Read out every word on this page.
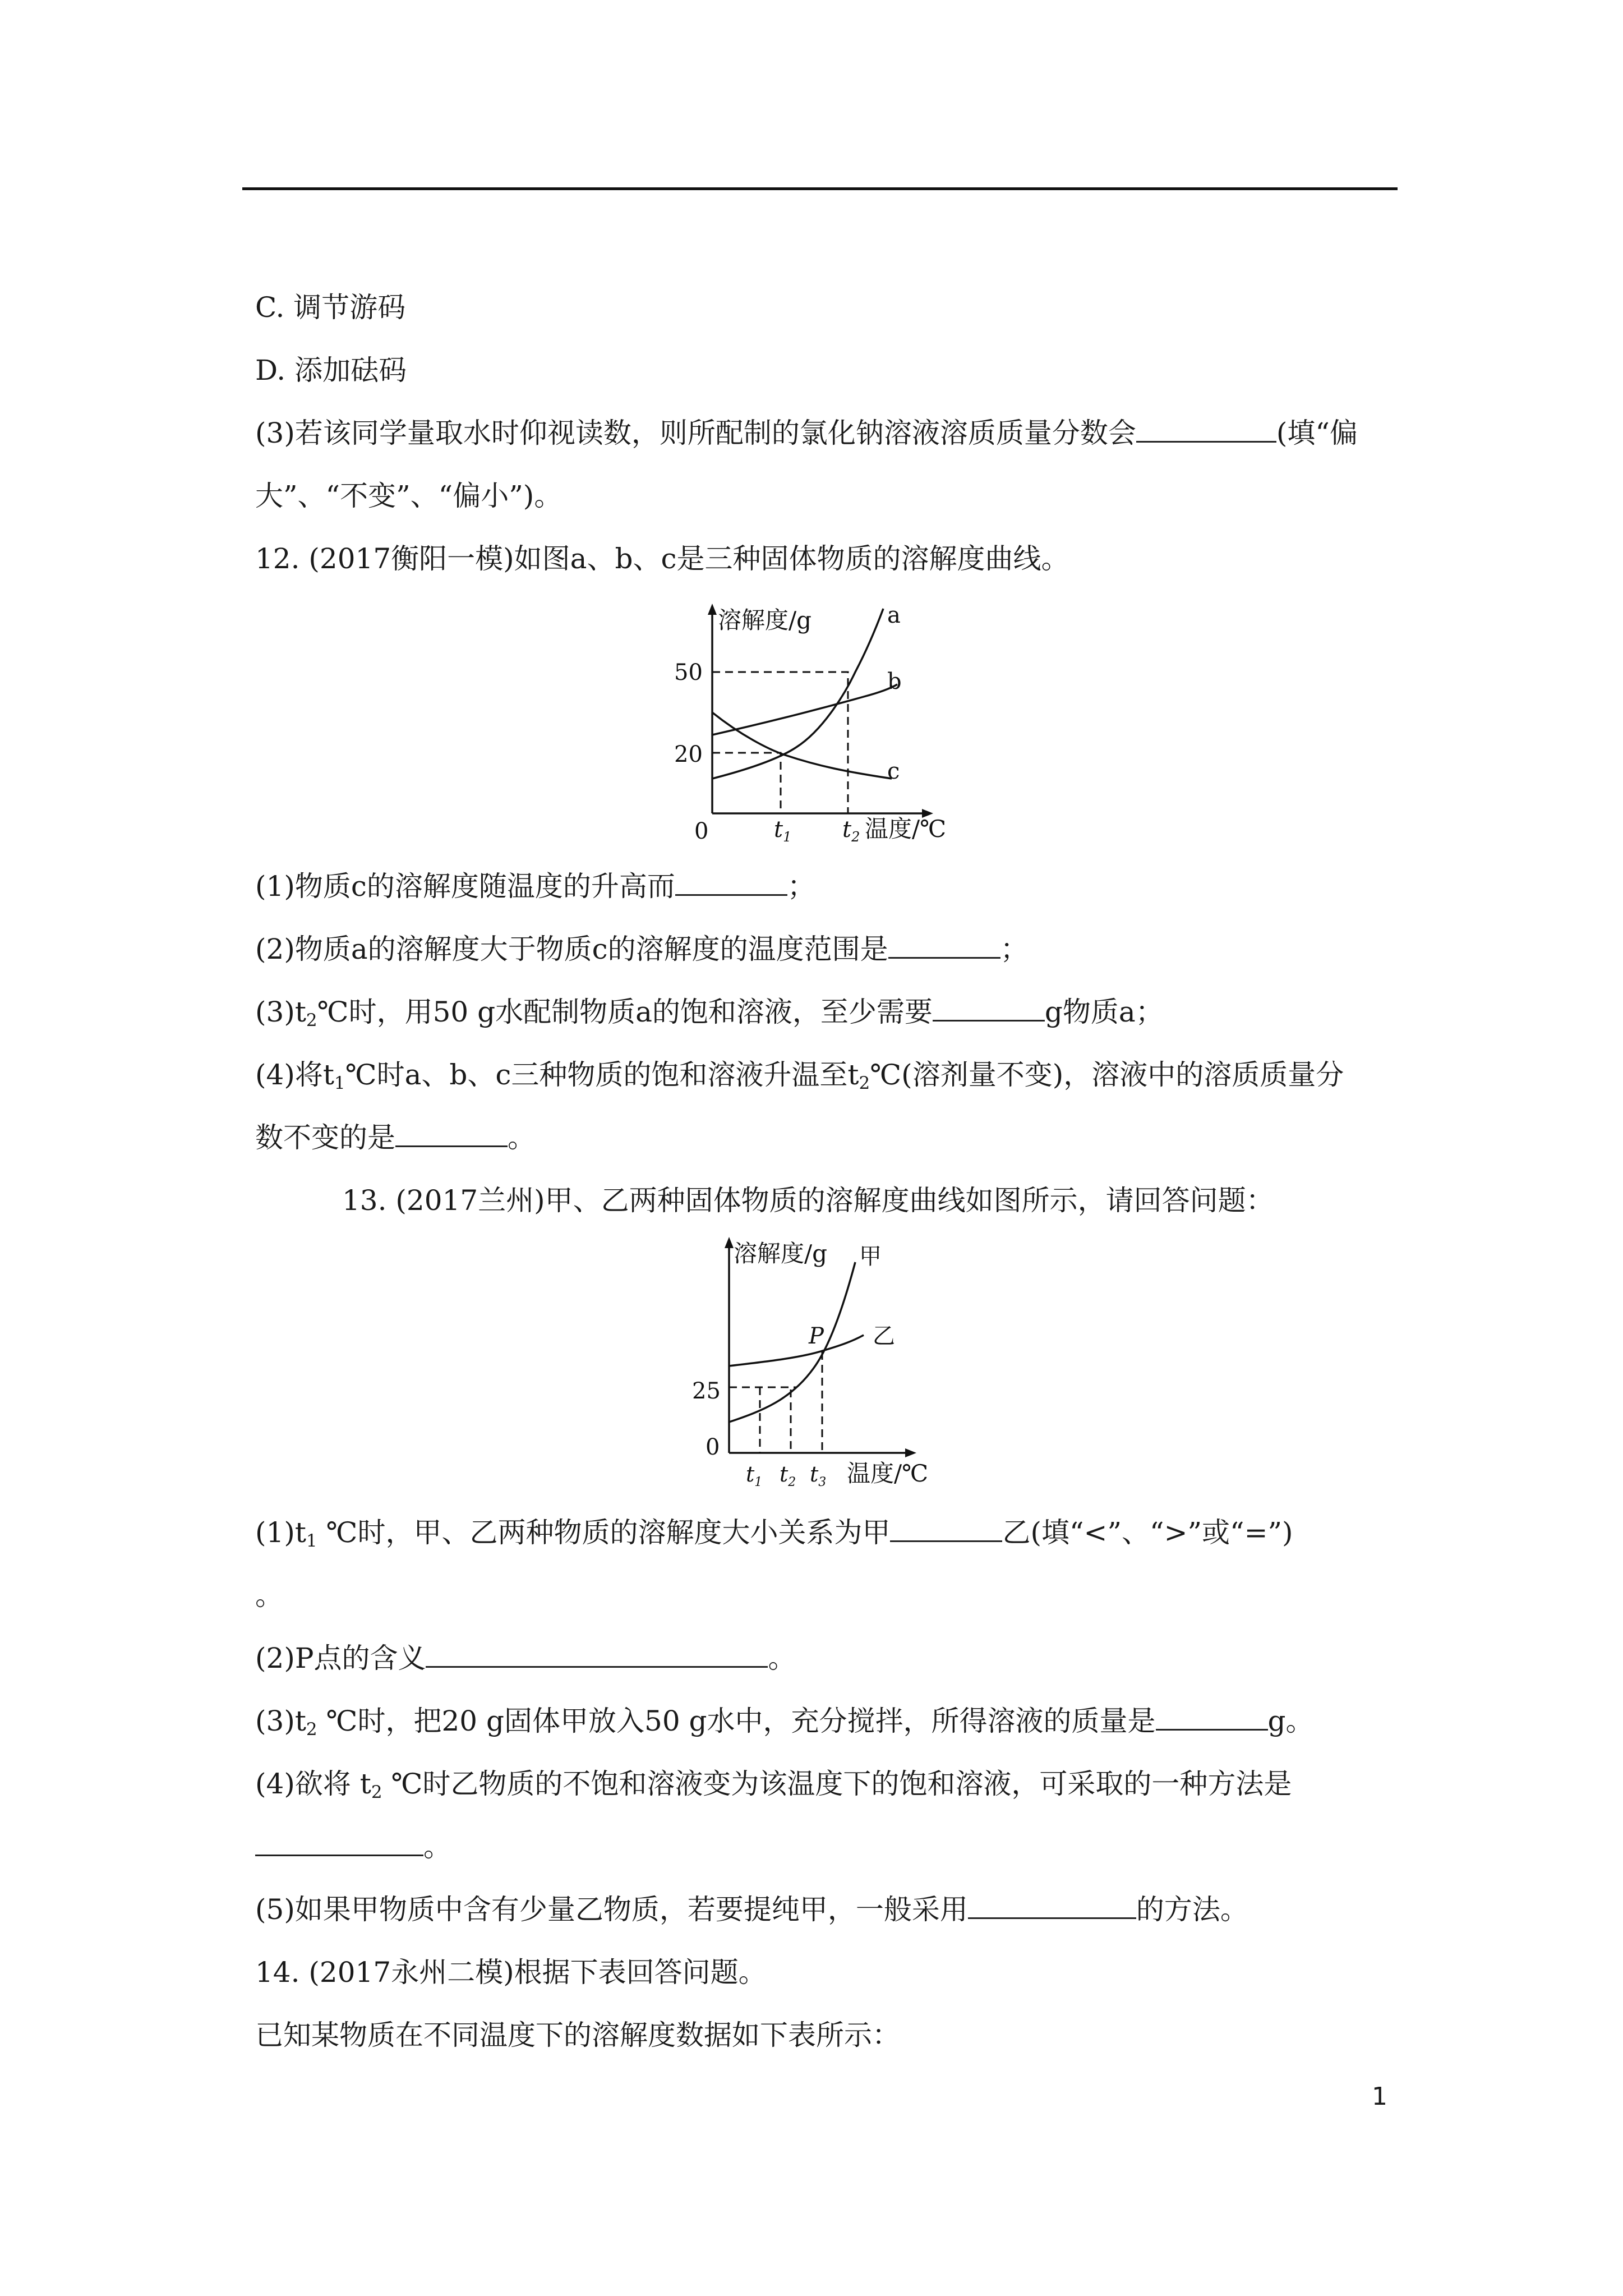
C. 调节游码
D. 添加砝码
(3)若该同学量取水时仰视读数，则所配制的氯化钠溶液溶质质量分数会	(填“偏
大”、“不变”、“偏小”)。
12. (2017衡阳一模)如图a、b、c是三种固体物质的溶解度曲线。
溶解度/g
0
50
20
$t_1$ $t_2$ 温度/℃
a
b
c
(1)物质c的溶解度随温度的升高而	；
(2)物质a的溶解度大于物质c的溶解度的温度范围是	；
$(3)t_2℃$时，用50 g水配制物质a的饱和溶液，至少需要	g物质a；
(4)将$t_1℃$时a、b、c三种物质的饱和溶液升温至$t_2℃$(溶剂量不变)，溶液中的溶质质量分
数不变的是	。
13. (2017兰州)甲、乙两种固体物质的溶解度曲线如图所示，请回答问题：
溶解度/g
0
25
$t_1$ $t_2$ $t_3$ 温度/℃
甲
乙
P
$(1)t_1$ ℃时，甲、乙两种物质的溶解度大小关系为甲	乙(填“<”、“>”或“=”)
。
(2)P点的含义	。
$(3)t_2$ ℃时，把20 g固体甲放入50 g水中，充分搅拌，所得溶液的质量是	g。
(4)欲将 $t_2$ ℃时乙物质的不饱和溶液变为该温度下的饱和溶液，可采取的一种方法是
。
(5)如果甲物质中含有少量乙物质，若要提纯甲，一般采用	的方法。
14. (2017永州二模)根据下表回答问题。
已知某物质在不同温度下的溶解度数据如下表所示：
1
